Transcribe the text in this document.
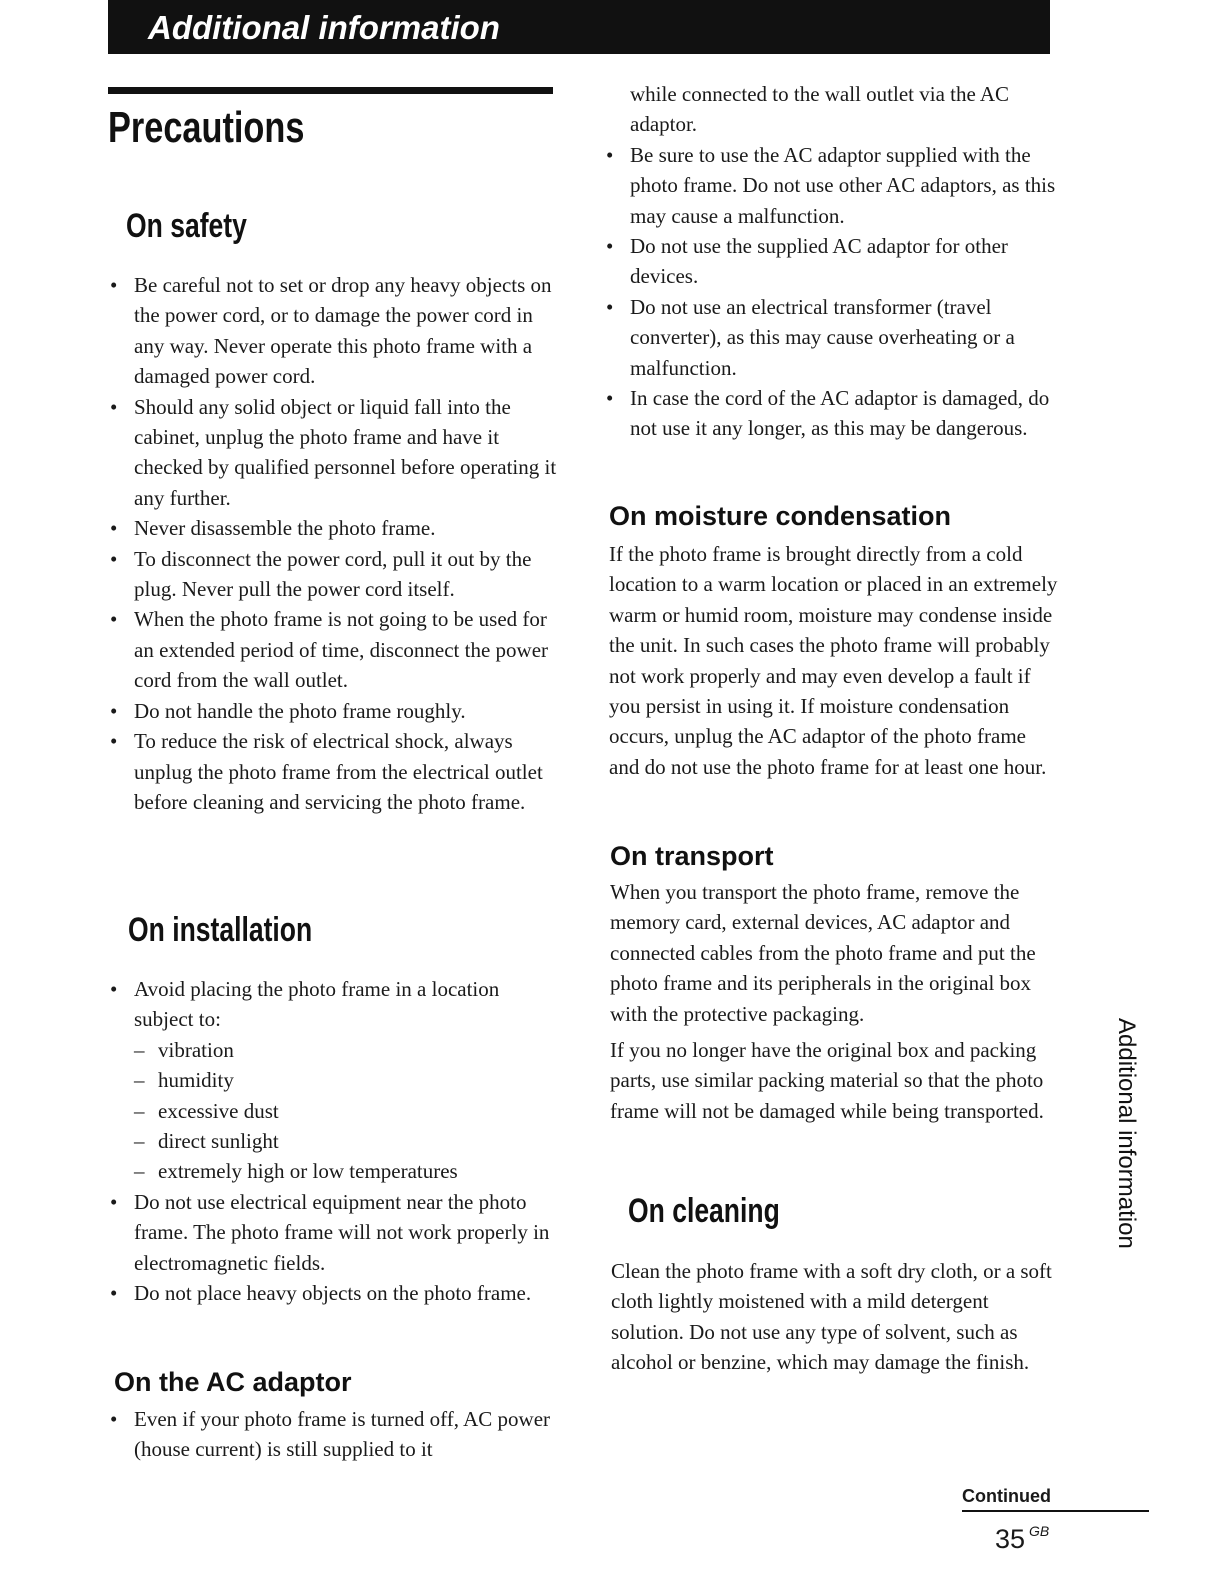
Additional information
Precautions
On safety
• Be careful not to set or drop any heavy objects on the power cord, or to damage the power cord in any way. Never operate this photo frame with a damaged power cord.
• Should any solid object or liquid fall into the cabinet, unplug the photo frame and have it checked by qualified personnel before operating it any further.
• Never disassemble the photo frame.
• To disconnect the power cord, pull it out by the plug. Never pull the power cord itself.
• When the photo frame is not going to be used for an extended period of time, disconnect the power cord from the wall outlet.
• Do not handle the photo frame roughly.
• To reduce the risk of electrical shock, always unplug the photo frame from the electrical outlet before cleaning and servicing the photo frame.
On installation
• Avoid placing the photo frame in a location subject to:
– vibration
– humidity
– excessive dust
– direct sunlight
– extremely high or low temperatures
• Do not use electrical equipment near the photo frame. The photo frame will not work properly in electromagnetic fields.
• Do not place heavy objects on the photo frame.
On the AC adaptor
• Even if your photo frame is turned off, AC power (house current) is still supplied to it
while connected to the wall outlet via the AC adaptor.
• Be sure to use the AC adaptor supplied with the photo frame. Do not use other AC adaptors, as this may cause a malfunction.
• Do not use the supplied AC adaptor for other devices.
• Do not use an electrical transformer (travel converter), as this may cause overheating or a malfunction.
• In case the cord of the AC adaptor is damaged, do not use it any longer, as this may be dangerous.
On moisture condensation

If the photo frame is brought directly from a cold location to a warm location or placed in an extremely warm or humid room, moisture may condense inside the unit. In such cases the photo frame will probably not work properly and may even develop a fault if you persist in using it. If moisture condensation occurs, unplug the AC adaptor of the photo frame and do not use the photo frame for at least one hour.

On transport

When you transport the photo frame, remove the memory card, external devices, AC adaptor and connected cables from the photo frame and put the photo frame and its peripherals in the original box with the protective packaging.

If you no longer have the original box and packing parts, use similar packing material so that the photo frame will not be damaged while being transported.

On cleaning

Clean the photo frame with a soft dry cloth, or a soft cloth lightly moistened with a mild detergent solution. Do not use any type of solvent, such as alcohol or benzine, which may damage the finish.

Additional information
Continued
35 $^{GB}$
